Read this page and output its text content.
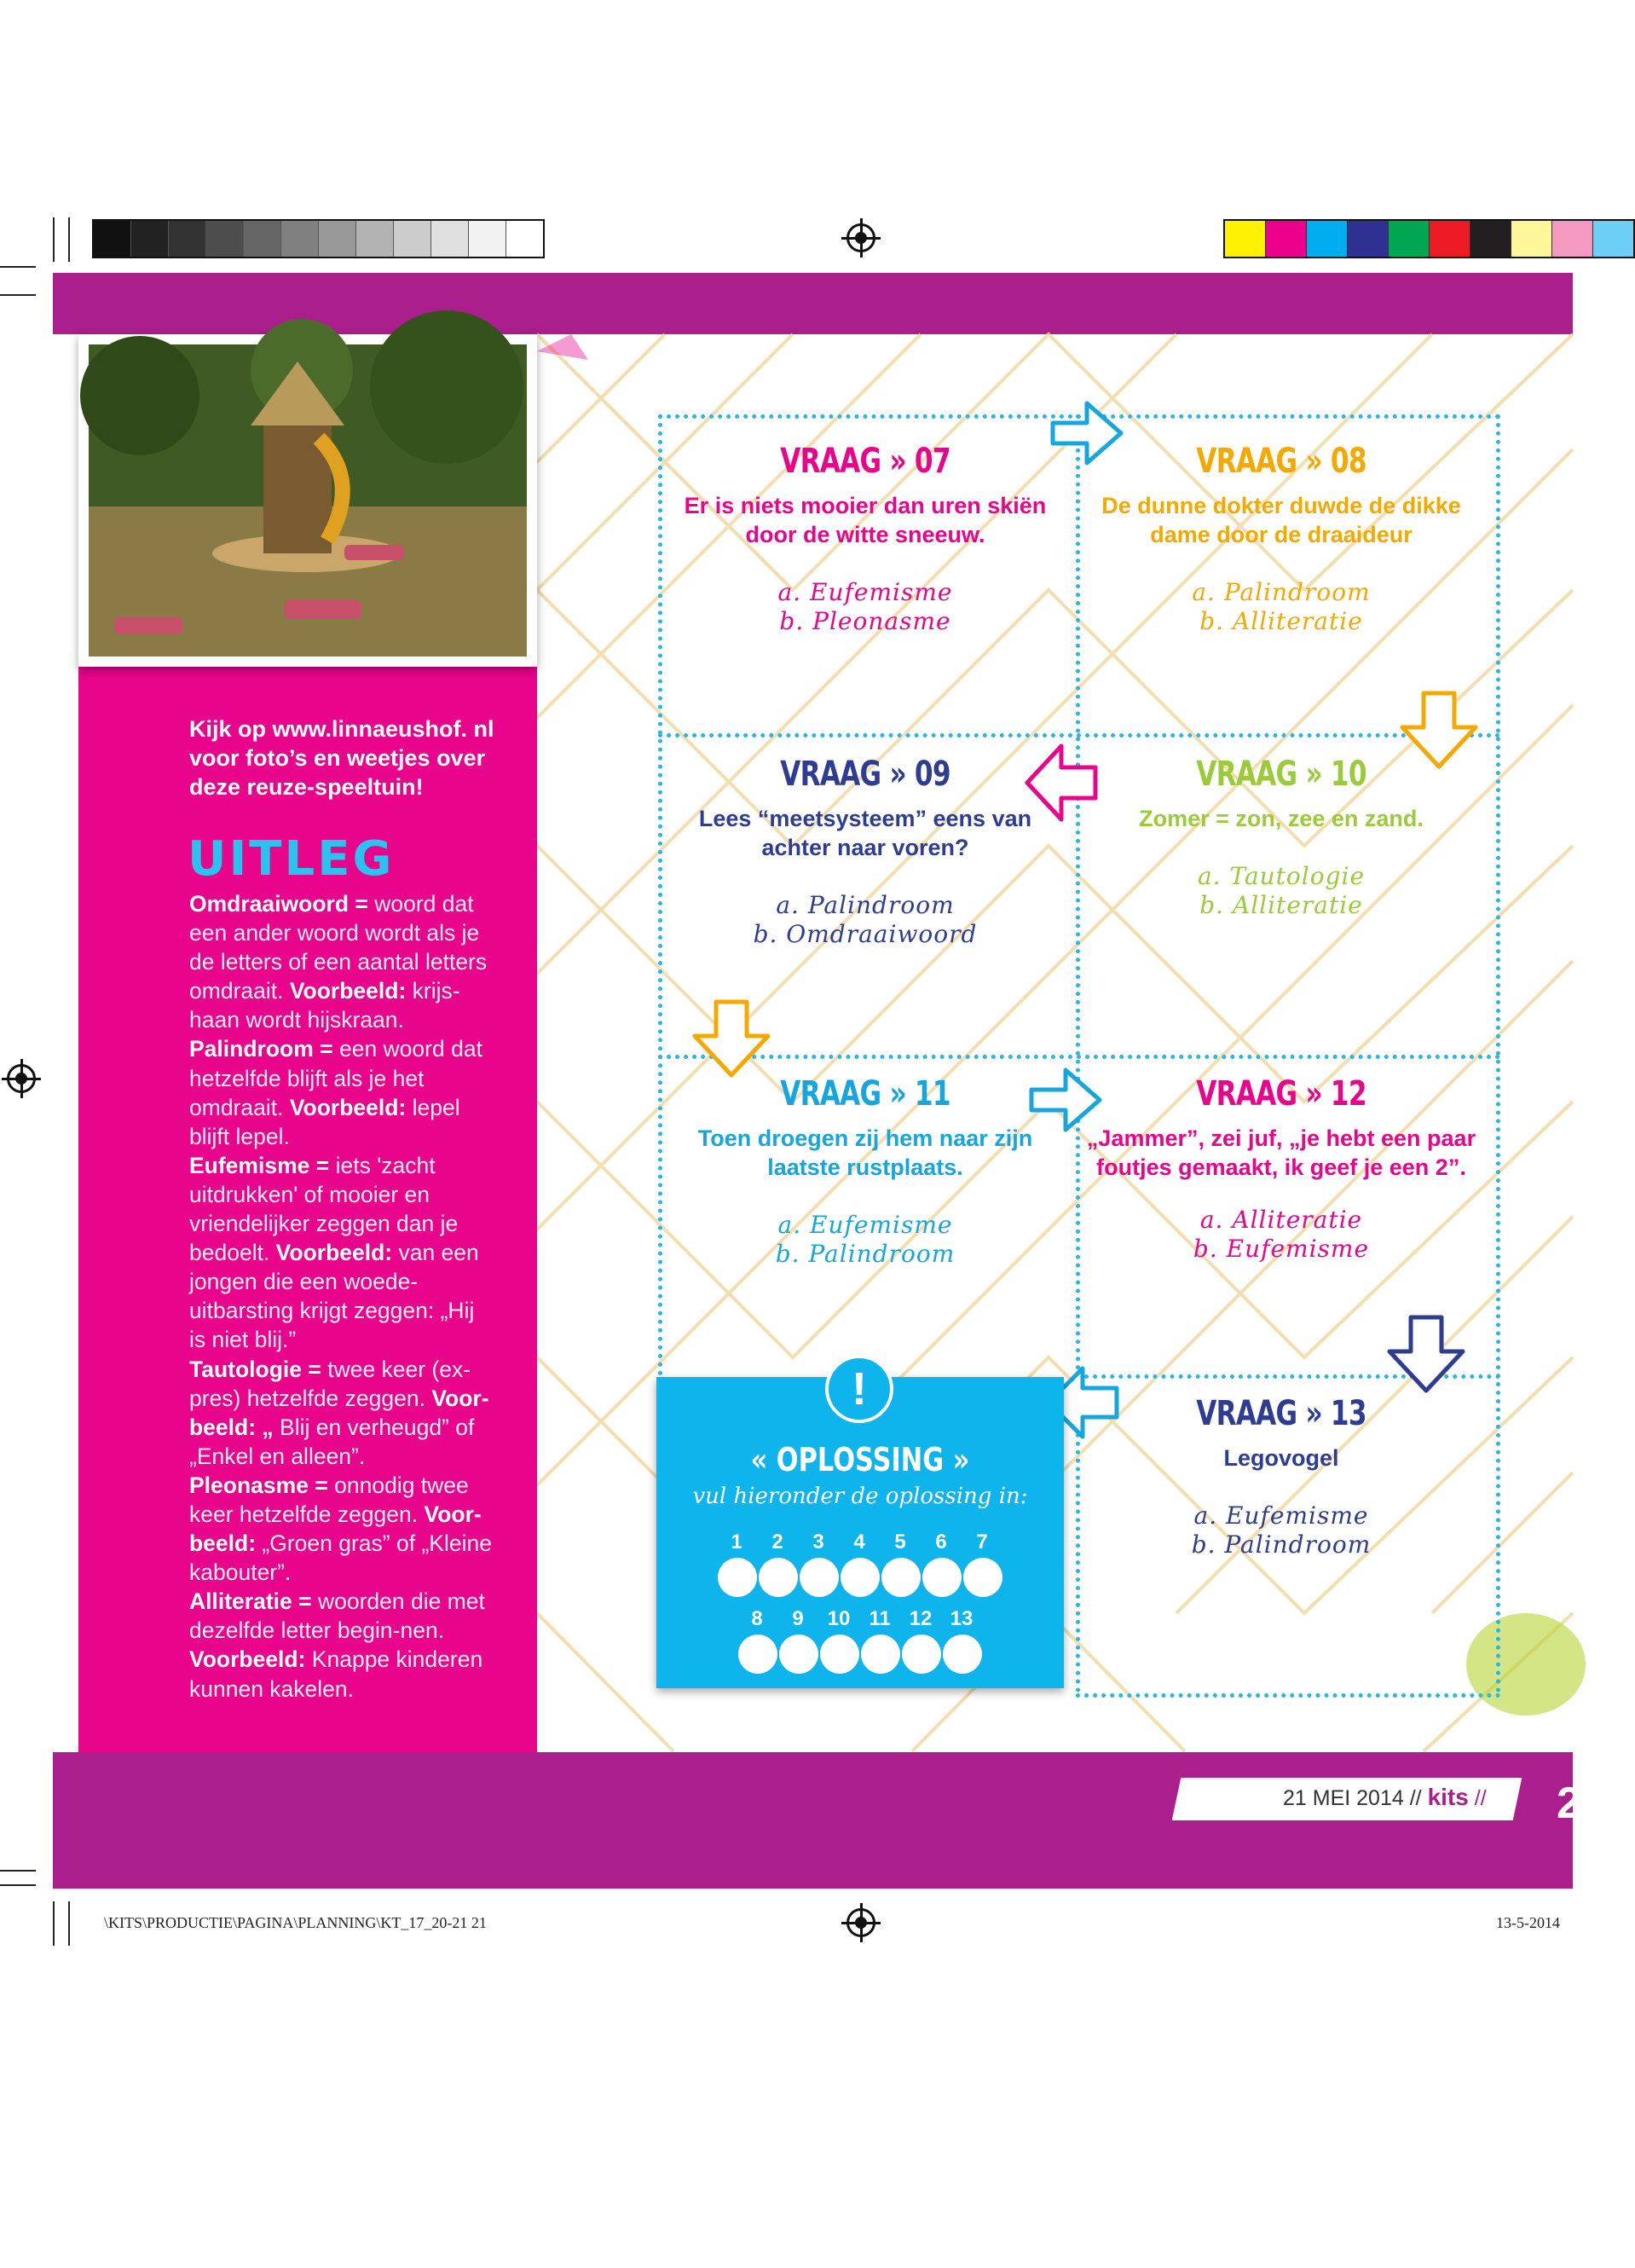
Kijk op www.linnaeushof. nl voor foto’s en weetjes over deze reuze-speeltuin!
UITLEG

Omdraaiwoord = woord dat een ander woord wordt als je de letters of een aantal letters omdraait. Voorbeeld: krijs-haan wordt hijskraan.

Palindroom = een woord dat hetzelfde blijft als je het omdraait. Voorbeeld: lepel blijft lepel.

Eufemisme = iets 'zacht uitdrukken' of mooier en vriendelijker zeggen dan je bedoelt. Voorbeeld: van een jongen die een woede-uitbarsting krijgt zeggen: „Hij is niet blij.”

Tautologie = twee keer (ex-pres) hetzelfde zeggen. Voor-beeld: „ Blij en verheugd” of „Enkel en alleen”.

Pleonasme = onnodig twee keer hetzelfde zeggen. Voor-beeld: „Groen gras” of „Kleine kabouter”.

Alliteratie = woorden die met dezelfde letter begin-nen. Voorbeeld: Knappe kinderen kunnen kakelen.

VRAAG » 07
Er is niets mooier dan uren skiën door de witte sneeuw.
a. Eufemisme
b. Pleonasme
VRAAG » 08
De dunne dokter duwde de dikke dame door de draaideur
a. Palindroom
b. Alliteratie
VRAAG » 09
Lees “meetsysteem” eens van achter naar voren?
a. Palindroom
b. Omdraaiwoord
VRAAG » 10
Zomer = zon, zee en zand.
a. Tautologie
b. Alliteratie
VRAAG » 11
Toen droegen zij hem naar zijn laatste rustplaats.
a. Eufemisme
b. Palindroom
VRAAG » 12
„Jammer”, zei juf, „je hebt een paar foutjes gemaakt, ik geef je een 2”.
a. Alliteratie
b. Eufemisme
VRAAG » 13
Legovogel
a. Eufemisme
b. Palindroom
!
« OPLOSSING »
vul hieronder de oplossing in:
1	2	3	4	5	6	7
8	9	10 11 12 13
21 MEI 2014 // kits // 2
\KITS\PRODUCTIE\PAGINA\PLANNING\KT_17_20-21 21	13-5-2014
